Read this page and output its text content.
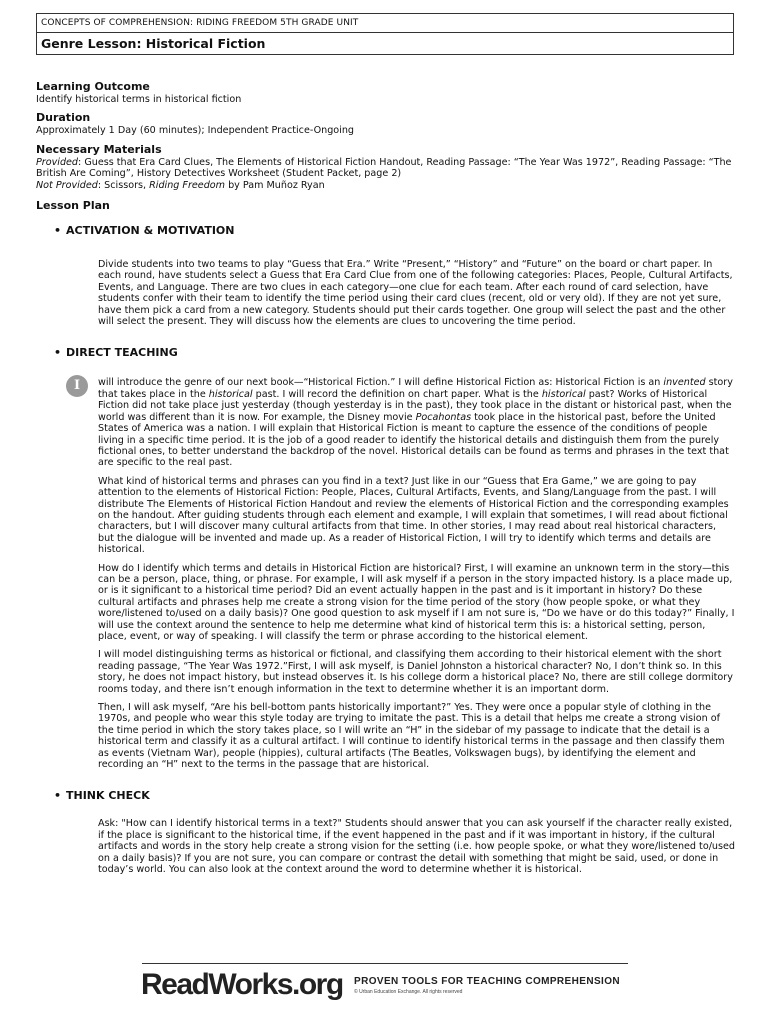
CONCEPTS OF COMPREHENSION: RIDING FREEDOM 5TH GRADE UNIT
Genre Lesson: Historical Fiction
Learning Outcome
Identify historical terms in historical fiction
Duration
Approximately 1 Day (60 minutes); Independent Practice-Ongoing
Necessary Materials
Provided: Guess that Era Card Clues, The Elements of Historical Fiction Handout, Reading Passage: “The Year Was 1972”, Reading Passage: “The British Are Coming”, History Detectives Worksheet (Student Packet, page 2)
Not Provided: Scissors, Riding Freedom by Pam Muñoz Ryan
Lesson Plan
• ACTIVATION & MOTIVATION
Divide students into two teams to play “Guess that Era.” Write “Present,” “History” and “Future” on the board or chart paper. In each round, have students select a Guess that Era Card Clue from one of the following categories: Places, People, Cultural Artifacts, Events, and Language. There are two clues in each category—one clue for each team. After each round of card selection, have students confer with their team to identify the time period using their card clues (recent, old or very old). If they are not yet sure, have them pick a card from a new category. Students should put their cards together. One group will select the past and the other will select the present. They will discuss how the elements are clues to uncovering the time period.
• DIRECT TEACHING
I	will introduce the genre of our next book—“Historical Fiction.” I will define Historical Fiction as: Historical Fiction is an invented story that takes place in the historical past. I will record the definition on chart paper. What is the historical past? Works of Historical Fiction did not take place just yesterday (though yesterday is in the past), they took place in the distant or historical past, when the world was different than it is now. For example, the Disney movie Pocahontas took place in the historical past, before the United States of America was a nation. I will explain that Historical Fiction is meant to capture the essence of the conditions of people living in a specific time period. It is the job of a good reader to identify the historical details and distinguish them from the purely fictional ones, to better understand the backdrop of the novel. Historical details can be found as terms and phrases in the text that are specific to the real past.
What kind of historical terms and phrases can you find in a text? Just like in our “Guess that Era Game,” we are going to pay attention to the elements of Historical Fiction: People, Places, Cultural Artifacts, Events, and Slang/Language from the past. I will distribute The Elements of Historical Fiction Handout and review the elements of Historical Fiction and the corresponding examples on the handout. After guiding students through each element and example, I will explain that sometimes, I will read about fictional characters, but I will discover many cultural artifacts from that time. In other stories, I may read about real historical characters, but the dialogue will be invented and made up. As a reader of Historical Fiction, I will try to identify which terms and details are historical.
How do I identify which terms and details in Historical Fiction are historical? First, I will examine an unknown term in the story—this can be a person, place, thing, or phrase. For example, I will ask myself if a person in the story impacted history. Is a place made up, or is it significant to a historical time period? Did an event actually happen in the past and is it important in history? Do these cultural artifacts and phrases help me create a strong vision for the time period of the story (how people spoke, or what they wore/listened to/used on a daily basis)? One good question to ask myself if I am not sure is, “Do we have or do this today?” Finally, I will use the context around the sentence to help me determine what kind of historical term this is: a historical setting, person, place, event, or way of speaking. I will classify the term or phrase according to the historical element.
I will model distinguishing terms as historical or fictional, and classifying them according to their historical element with the short reading passage, “The Year Was 1972.”First, I will ask myself, is Daniel Johnston a historical character? No, I don’t think so. In this story, he does not impact history, but instead observes it. Is his college dorm a historical place? No, there are still college dormitory rooms today, and there isn’t enough information in the text to determine whether it is an important dorm.
Then, I will ask myself, “Are his bell-bottom pants historically important?” Yes. They were once a popular style of clothing in the 1970s, and people who wear this style today are trying to imitate the past. This is a detail that helps me create a strong vision of the time period in which the story takes place, so I will write an “H” in the sidebar of my passage to indicate that the detail is a historical term and classify it as a cultural artifact. I will continue to identify historical terms in the passage and then classify them as events (Vietnam War), people (hippies), cultural artifacts (The Beatles, Volkswagen bugs), by identifying the element and recording an “H” next to the terms in the passage that are historical.
• THINK CHECK
Ask: "How can I identify historical terms in a text?" Students should answer that you can ask yourself if the character really existed, if the place is significant to the historical time, if the event happened in the past and if it was important in history, if the cultural artifacts and words in the story help create a strong vision for the setting (i.e. how people spoke, or what they wore/listened to/used on a daily basis)? If you are not sure, you can compare or contrast the detail with something that might be said, used, or done in today’s world. You can also look at the context around the word to determine whether it is historical.
ReadWorks.org PROVEN TOOLS FOR TEACHING COMPREHENSION
© Urban Education Exchange. All rights reserved
